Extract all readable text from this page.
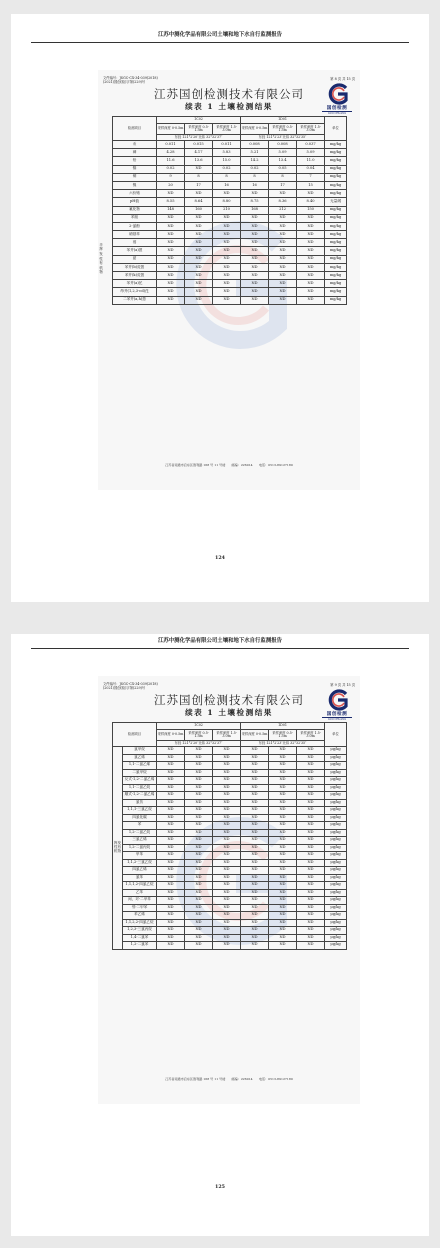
江苏中测化学品有限公司土壤和地下水自行监测报告
文件编号：JSGC-CX-34-039(2018)
(2021)国创(检)字第(229)号
第 8 页 共 15 页
江苏国创检测技术有限公司
续表 1 土壤检测结果	国创检测
GUO CHUANG
检测项目	1C02			1D01			单位
	采样深度 0-0.5m	采样深度 0.5-1.5m	采样深度 1.5-3.0m	采样深度 0-0.5m	采样深度 0.5-1.5m	采样深度 1.5-3.0m	
	东经 121°2′20″北纬 32°32′37″			东经 121°2′23″北纬 32°32′35″			
汞	0.011	0.015	0.011	0.008	0.008	0.037	mg/kg
砷	4.28	4.17	5.83	5.21	5.09	5.09	mg/kg
铅	11.6	13.6	15.0	14.2	13.4	11.0	mg/kg
镉	0.02	ND	0.02	0.02	0.05	0.04	mg/kg
铜	9	8	8	8	8	7	mg/kg
镍	20	17	16	16	17	15	mg/kg
六价铬	ND	ND	ND	ND	ND	ND	mg/kg
pH值	8.55	8.64	8.80	8.75	8.36	8.40	无量纲
氟化物	148	160	210	168	212	150	mg/kg
苯胺	ND	ND	ND	ND	ND	ND	mg/kg
2-氯酚	ND	ND	ND	ND	ND	ND	mg/kg
硝基苯	ND	ND	ND	ND	ND	ND	mg/kg
萘	ND	ND	ND	ND	ND	ND	mg/kg
苯并(a)蒽	ND	ND	ND	ND	ND	ND	mg/kg
䓛	ND	ND	ND	ND	ND	ND	mg/kg
苯并(b)荧蒽	ND	ND	ND	ND	ND	ND	mg/kg
苯并(k)荧蒽	ND	ND	ND	ND	ND	ND	mg/kg
苯并(a)芘	ND	ND	ND	ND	ND	ND	mg/kg
茚并(1,2,3-cd)芘	ND	ND	ND	ND	ND	ND	mg/kg
二苯并(a,h)蒽	ND	ND	ND	ND	ND	ND	mg/kg
江苏省南通市启东区胜利路 168 号 11 号楼　　邮编：226014　　电话：0513-89127180
半挥发性有机物
124
江苏中测化学品有限公司土壤和地下水自行监测报告
文件编号：JSGC-CX-34-039(2018)
(2021)国创(检)字第(229)号
第 9 页 共 15 页
江苏国创检测技术有限公司
续表 1 土壤检测结果	国创检测
GUO CHUANG
检测项目		1C02			1D01			单位
		采样深度 0-0.5m	采样深度 0.5-1.5m	采样深度 1.5-3.0m	采样深度 0-0.5m	采样深度 0.5-1.5m	采样深度 1.5-3.0m	
		东经 121°2′20″北纬 32°32′37″			东经 121°2′23″北纬 32°32′35″			
挥发性有机物	氯甲烷	ND	ND	ND	ND	ND	ND	μg/kg
	氯乙烯	ND	ND	ND	ND	ND	ND	μg/kg
	1,1-二氯乙烯	ND	ND	ND	ND	ND	ND	μg/kg
	二氯甲烷	ND	ND	ND	ND	ND	ND	μg/kg
	反式-1,2-二氯乙烯	ND	ND	ND	ND	ND	ND	μg/kg
	1,1-二氯乙烷	ND	ND	ND	ND	ND	ND	μg/kg
	顺式-1,2-二氯乙烯	ND	ND	ND	ND	ND	ND	μg/kg
	氯仿	ND	ND	ND	ND	ND	ND	μg/kg
	1,1,1-三氯乙烷	ND	ND	ND	ND	ND	ND	μg/kg
	四氯化碳	ND	ND	ND	ND	ND	ND	μg/kg
	苯	ND	ND	ND	ND	ND	ND	μg/kg
	1,2-二氯乙烷	ND	ND	ND	ND	ND	ND	μg/kg
	三氯乙烯	ND	ND	ND	ND	ND	ND	μg/kg
	1,2-二氯丙烷	ND	ND	ND	ND	ND	ND	μg/kg
	甲苯	ND	ND	ND	ND	ND	ND	μg/kg
	1,1,2-三氯乙烷	ND	ND	ND	ND	ND	ND	μg/kg
	四氯乙烯	ND	ND	ND	ND	ND	ND	μg/kg
	氯苯	ND	ND	ND	ND	ND	ND	μg/kg
	1,1,1,2-四氯乙烷	ND	ND	ND	ND	ND	ND	μg/kg
	乙苯	ND	ND	ND	ND	ND	ND	μg/kg
	间，对-二甲苯	ND	ND	ND	ND	ND	ND	μg/kg
	邻-二甲苯	ND	ND	ND	ND	ND	ND	μg/kg
	苯乙烯	ND	ND	ND	ND	ND	ND	μg/kg
	1,1,2,2-四氯乙烷	ND	ND	ND	ND	ND	ND	μg/kg
	1,2,3-三氯丙烷	ND	ND	ND	ND	ND	ND	μg/kg
	1,4-二氯苯	ND	ND	ND	ND	ND	ND	μg/kg
	1,2-二氯苯	ND	ND	ND	ND	ND	ND	μg/kg
江苏省南通市启东区胜利路 168 号 11 号楼　　邮编：226014　　电话：0513-89127180
125
